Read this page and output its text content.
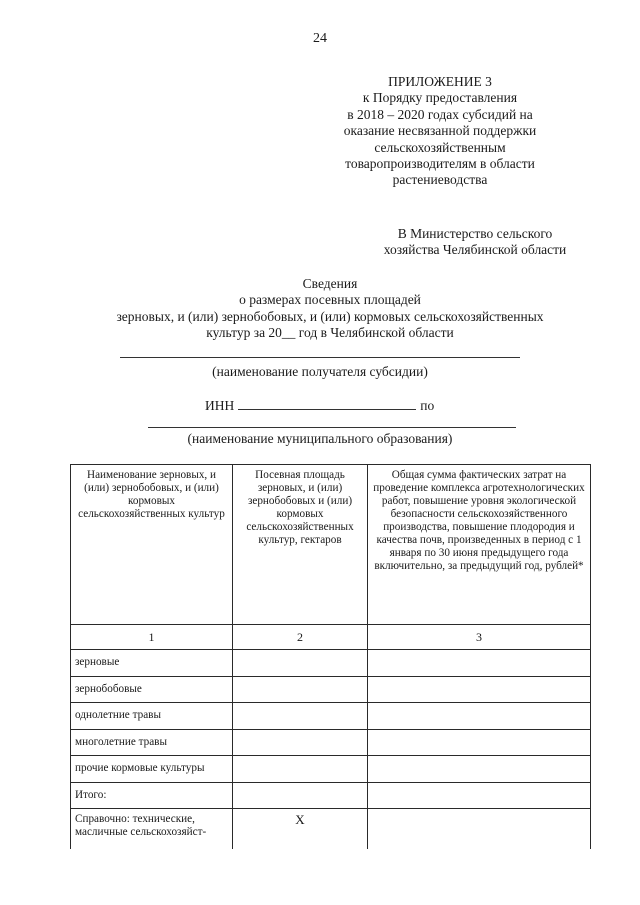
24
ПРИЛОЖЕНИЕ 3
к Порядку предоставления
в 2018 – 2020 годах субсидий на
оказание несвязанной поддержки
сельскохозяйственным
товаропроизводителям в области
растениеводства
В Министерство сельского
хозяйства Челябинской области
Сведения
о размерах посевных площадей
зерновых, и (или) зернобобовых, и (или) кормовых сельскохозяйственных
культур за 20__ год в Челябинской области
(наименование получателя субсидии)
ИНН	по
(наименование муниципального образования)
Наименование зерновых, и (или) зернобобовых, и (или) кормовых сельскохозяйственных культур	Посевная площадь зерновых, и (или) зернобобовых и (или) кормовых сельскохозяйственных культур, гектаров	Общая сумма фактических затрат на проведение комплекса агротехнологических работ, повышение уровня экологической безопасности сельскохозяйственного производства, повышение плодородия и качества почв, произведенных в период с 1 января по 30 июня предыдущего года включительно, за предыдущий год, рублей*
1	2	3
зерновые		
зернобобовые		
однолетние травы		
многолетние травы		
прочие кормовые культуры		
Итого:		

Справочно: технические,
масличные сельскохозяйст-	X	
